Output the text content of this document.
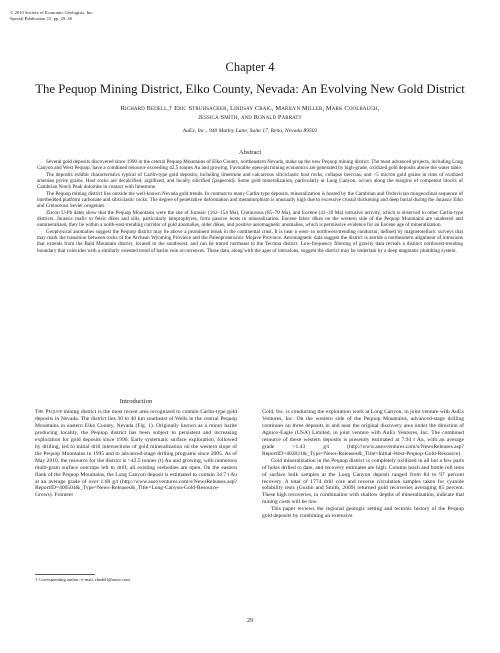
© 2010 Society of Economic Geologists, Inc.
Special Publication 15, pp. 29–36
Chapter 4
The Pequop Mining District, Elko County, Nevada: An Evolving New Gold District
Richard Bedell,† Eric Struhsacker, Lindsay Craig, Marilyn Miller, Mark Coolbaugh,
Jessica Smith, and Ronald Parratt
AuEx, Inc., 940 Matley Lane, Suite 17, Reno, Nevada 89502
Abstract

Several gold deposits discovered since 1990 in the central Pequop Mountains of Elko County, northeastern Nevada, make up the new Pequop mining district. The most advanced projects, including Long Canyon and West Pequop, have a combined resource exceeding 42.5 tonnes Au and growing. Favorable open-pit mining economics are generated by high-grade, oxidized gold deposits above the water table.

The deposits exhibit characteristics typical of Carlin-type gold deposits, including limestone and calcareous siliciclastic host rocks, collapse breccias, and <5 micron gold grains in rims of oxidized arsenian pyrite grains. Host rocks are decalcified, argillized, and locally silicified (jasperoid). Some gold mineralization, particularly at Long Canyon, occurs along the margins of competent blocks of Cambrian Notch Peak dolomite in contact with limestone.

The Pequop mining district lies outside the well-known Nevada gold trends. In contrast to many Carlin-type deposits, mineralization is hosted by the Cambrian and Ordovician miogeoclinal sequence of interbedded platform carbonate and siliciclastic rocks. The degree of penetrative deformation and metamorphism is unusually high due to excessive crustal thickening and deep burial during the Jurassic Elko and Cretaceous Sevier orogenies.

Zircon U-Pb dates show that the Pequop Mountains were the site of Jurassic (162–154 Ma), Cretaceous (85–70 Ma), and Eocene (41–39 Ma) intrusive activity, which is observed in other Carlin-type districts. Jurassic mafic to felsic dikes and sills, particularly lamprophyres, form passive hosts to mineralization. Eocene felsic dikes on the western side of the Pequop Mountains are unaltered and unmineralized, they lie within a north-east-trending corridor of gold anomalies, older dikes, and positive aeromagnetic anomalies, which is permissive evidence for an Eocene age of mineralization.

Geophysical anomalies suggest the Pequop district may lie above a prominent break in the continental crust. It is near a west- to northwest-trending conductor, defined by magnetotelluric surveys that may mark the transition between rocks of the Archean Wyoming Province and the Paleoproterozoic Mojave Province. Aeromagnetic data suggest the district is astride a northeastern alignment of intrusions that extends from the Bald Mountain district, located to the southwest, and can be traced northeast to the Tecoma district. Low-frequency filtering of gravity data reveals a distinct northwest-trending boundary that coincides with a similarly oriented trend of barite vein occurrences. These data, along with the ages of intrusions, suggest the district may be underlain by a deep magmatic plumbing system.

Introduction

The Pequop mining district is the most recent area recognized to contain Carlin-type gold deposits in Nevada. The district lies 30 to 40 km southeast of Wells in the central Pequop Mountains in eastern Elko County, Nevada (Fig. 1). Originally known as a minor barite producing locality, the Pequop district has been subject to persistent and increasing exploration for gold deposits since 1990. Early systematic surface exploration, followed by drilling, led to initial drill intersections of gold mineralization on the western slope of the Pequop Mountains in 1995 and to advanced-stage drilling programs since 2005. As of May 2010, the resource for the district is >42.5 tonnes (t) Au and growing, with numerous multi-gram surface outcrops left to drill; all existing orebodies are open. On the eastern flank of the Pequop Mountains, the Long Canyon deposit is estimated to contain 34.7 t Au at an average grade of over 1.68 g/t (http://www.auexventures.com/s/NewsReleases.asp?ReportID=400504&_Type=News-Releases&_Title=Long-Canyon-Gold-Resource-Grows). Fronteer

Gold, Inc. is conducting the exploration work at Long Canyon, in joint venture with AuEx Ventures, Inc. On the western side of the Pequop Mountains, advanced-stage drilling continues on three deposits in and near the original discovery area under the direction of Agnico-Eagle (USA) Limited, in joint venture with AuEx Ventures, Inc. The combined resource of these western deposits is presently estimated at 7.94 t Au, with an average grade >1.43 g/t (http://www.auexventures.com/s/NewsReleases.asp?ReportID=402831&_Type=News-Releases&_Title=Initial-West-Pequop-Gold-Resource).

Gold mineralization in the Pequop district is completely oxidized in all but a few parts of holes drilled to date, and recovery estimates are high. Column leach and bottle roll tests of surface bulk samples at the Long Canyon deposit ranged from 84 to 97 percent recovery. A total of 1774 drill core and reverse circulation samples taken for cyanide solubility tests (Gustin and Smith, 2009) returned gold recoveries averaging 85 percent. These high recoveries, in combination with shallow depths of mineralization, indicate that mining costs will be low.

This paper reviews the regional geologic setting and tectonic history of the Pequop gold deposits by combining an extensive

† Corresponding author: e-mail, rbedell@auex.com
29
